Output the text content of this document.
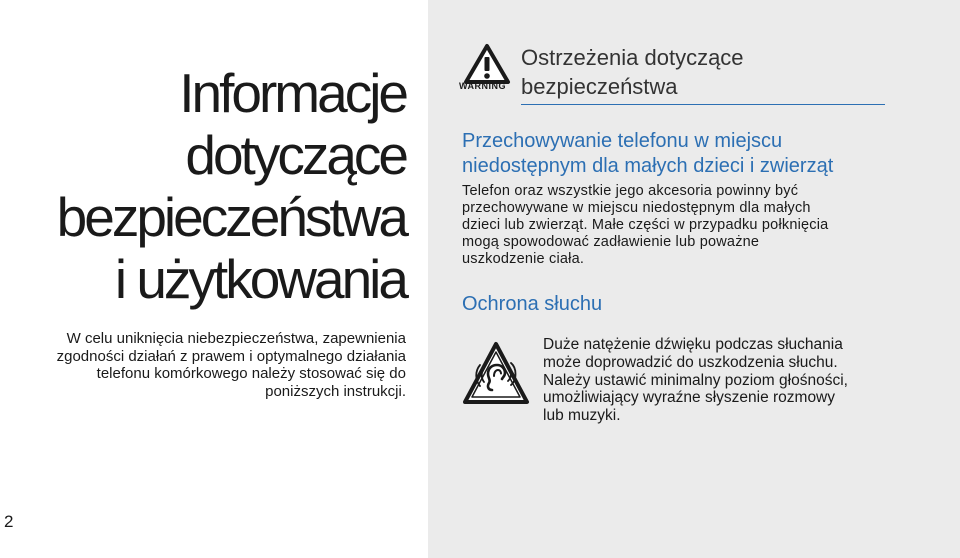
Informacje
dotyczące
bezpieczeństwa
i użytkowania
W celu uniknięcia niebezpieczeństwa, zapewnienia
zgodności działań z prawem i optymalnego działania
telefonu komórkowego należy stosować się do
poniższych instrukcji.
2
WARNING
Ostrzeżenia dotyczące
bezpieczeństwa
Przechowywanie telefonu w miejscu
niedostępnym dla małych dzieci i zwierząt
Telefon oraz wszystkie jego akcesoria powinny być
przechowywane w miejscu niedostępnym dla małych
dzieci lub zwierząt. Małe części w przypadku połknięcia
mogą spowodować zadławienie lub poważne
uszkodzenie ciała.
Ochrona słuchu
Duże natężenie dźwięku podczas słuchania
może doprowadzić do uszkodzenia słuchu.
Należy ustawić minimalny poziom głośności,
umożliwiający wyraźne słyszenie rozmowy
lub muzyki.
